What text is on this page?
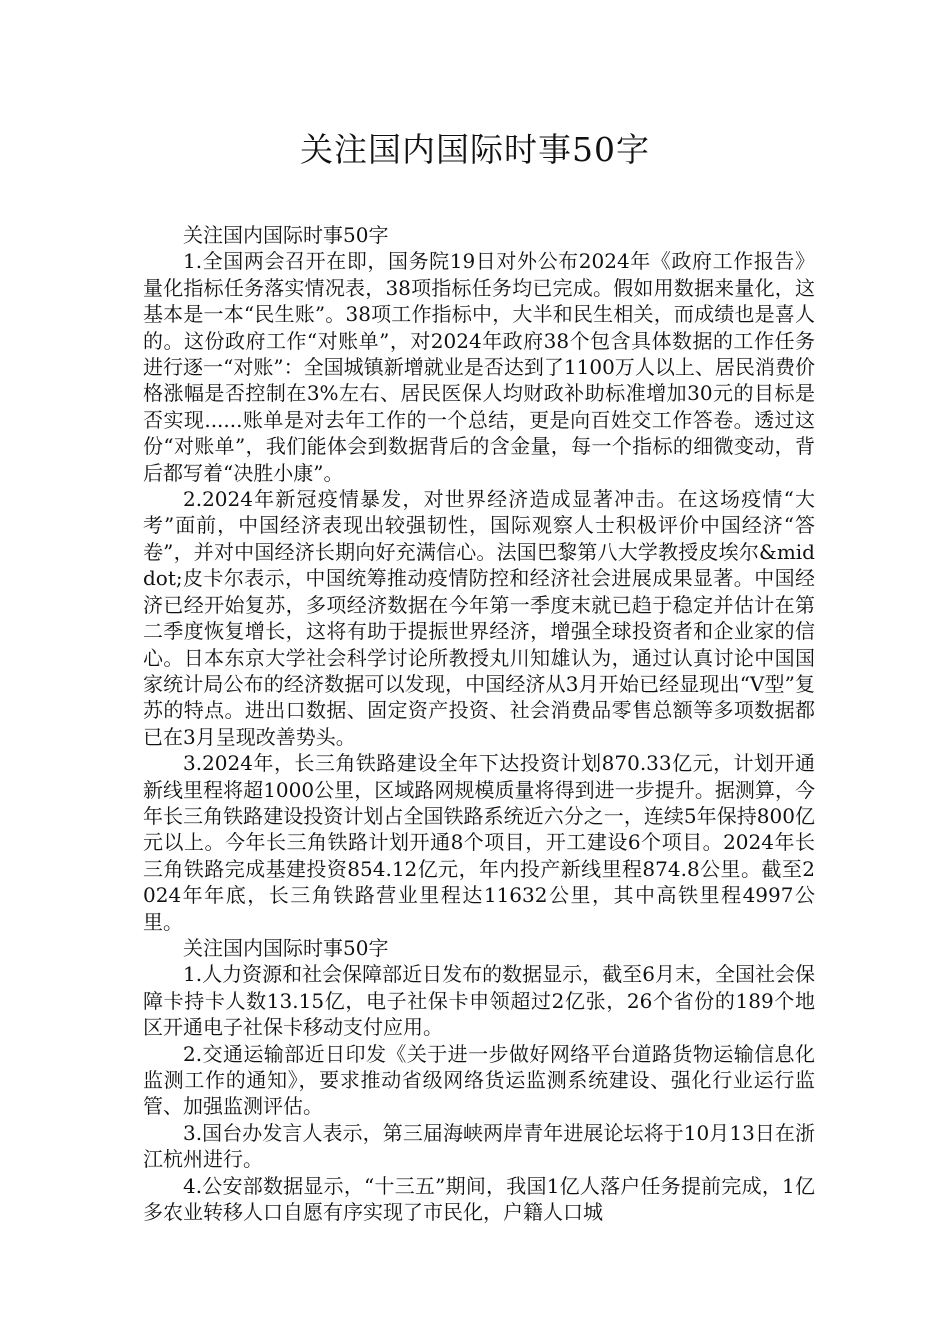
关注国内国际时事50字

关注国内国际时事50字

1.全国两会召开在即，国务院19日对外公布2024年《政府工作报告》量化指标任务落实情况表，38项指标任务均已完成。假如用数据来量化，这基本是一本“民生账”。38项工作指标中，大半和民生相关，而成绩也是喜人的。这份政府工作“对账单”，对2024年政府38个包含具体数据的工作任务进行逐一“对账”：全国城镇新增就业是否达到了1100万人以上、居民消费价格涨幅是否控制在3%左右、居民医保人均财政补助标准增加30元的目标是否实现......账单是对去年工作的一个总结，更是向百姓交工作答卷。透过这份“对账单”，我们能体会到数据背后的含金量，每一个指标的细微变动，背后都写着“决胜小康”。

2.2024年新冠疫情暴发，对世界经济造成显著冲击。在这场疫情“大考”面前，中国经济表现出较强韧性，国际观察人士积极评价中国经济“答卷”，并对中国经济长期向好充满信心。法国巴黎第八大学教授皮埃尔&middot;皮卡尔表示，中国统筹推动疫情防控和经济社会进展成果显著。中国经济已经开始复苏，多项经济数据在今年第一季度末就已趋于稳定并估计在第二季度恢复增长，这将有助于提振世界经济，增强全球投资者和企业家的信心。日本东京大学社会科学讨论所教授丸川知雄认为，通过认真讨论中国国家统计局公布的经济数据可以发现，中国经济从3月开始已经显现出“V型”复苏的特点。进出口数据、固定资产投资、社会消费品零售总额等多项数据都已在3月呈现改善势头。

3.2024年，长三角铁路建设全年下达投资计划870.33亿元，计划开通新线里程将超1000公里，区域路网规模质量将得到进一步提升。据测算，今年长三角铁路建设投资计划占全国铁路系统近六分之一，连续5年保持800亿元以上。今年长三角铁路计划开通8个项目，开工建设6个项目。2024年长三角铁路完成基建投资854.12亿元，年内投产新线里程874.8公里。截至2024年年底，长三角铁路营业里程达11632公里，其中高铁里程4997公里。

关注国内国际时事50字

1.人力资源和社会保障部近日发布的数据显示，截至6月末，全国社会保障卡持卡人数13.15亿，电子社保卡申领超过2亿张，26个省份的189个地区开通电子社保卡移动支付应用。

2.交通运输部近日印发《关于进一步做好网络平台道路货物运输信息化监测工作的通知》，要求推动省级网络货运监测系统建设、强化行业运行监管、加强监测评估。

3.国台办发言人表示，第三届海峡两岸青年进展论坛将于10月13日在浙江杭州进行。

4.公安部数据显示，“十三五”期间，我国1亿人落户任务提前完成，1亿多农业转移人口自愿有序实现了市民化，户籍人口城
